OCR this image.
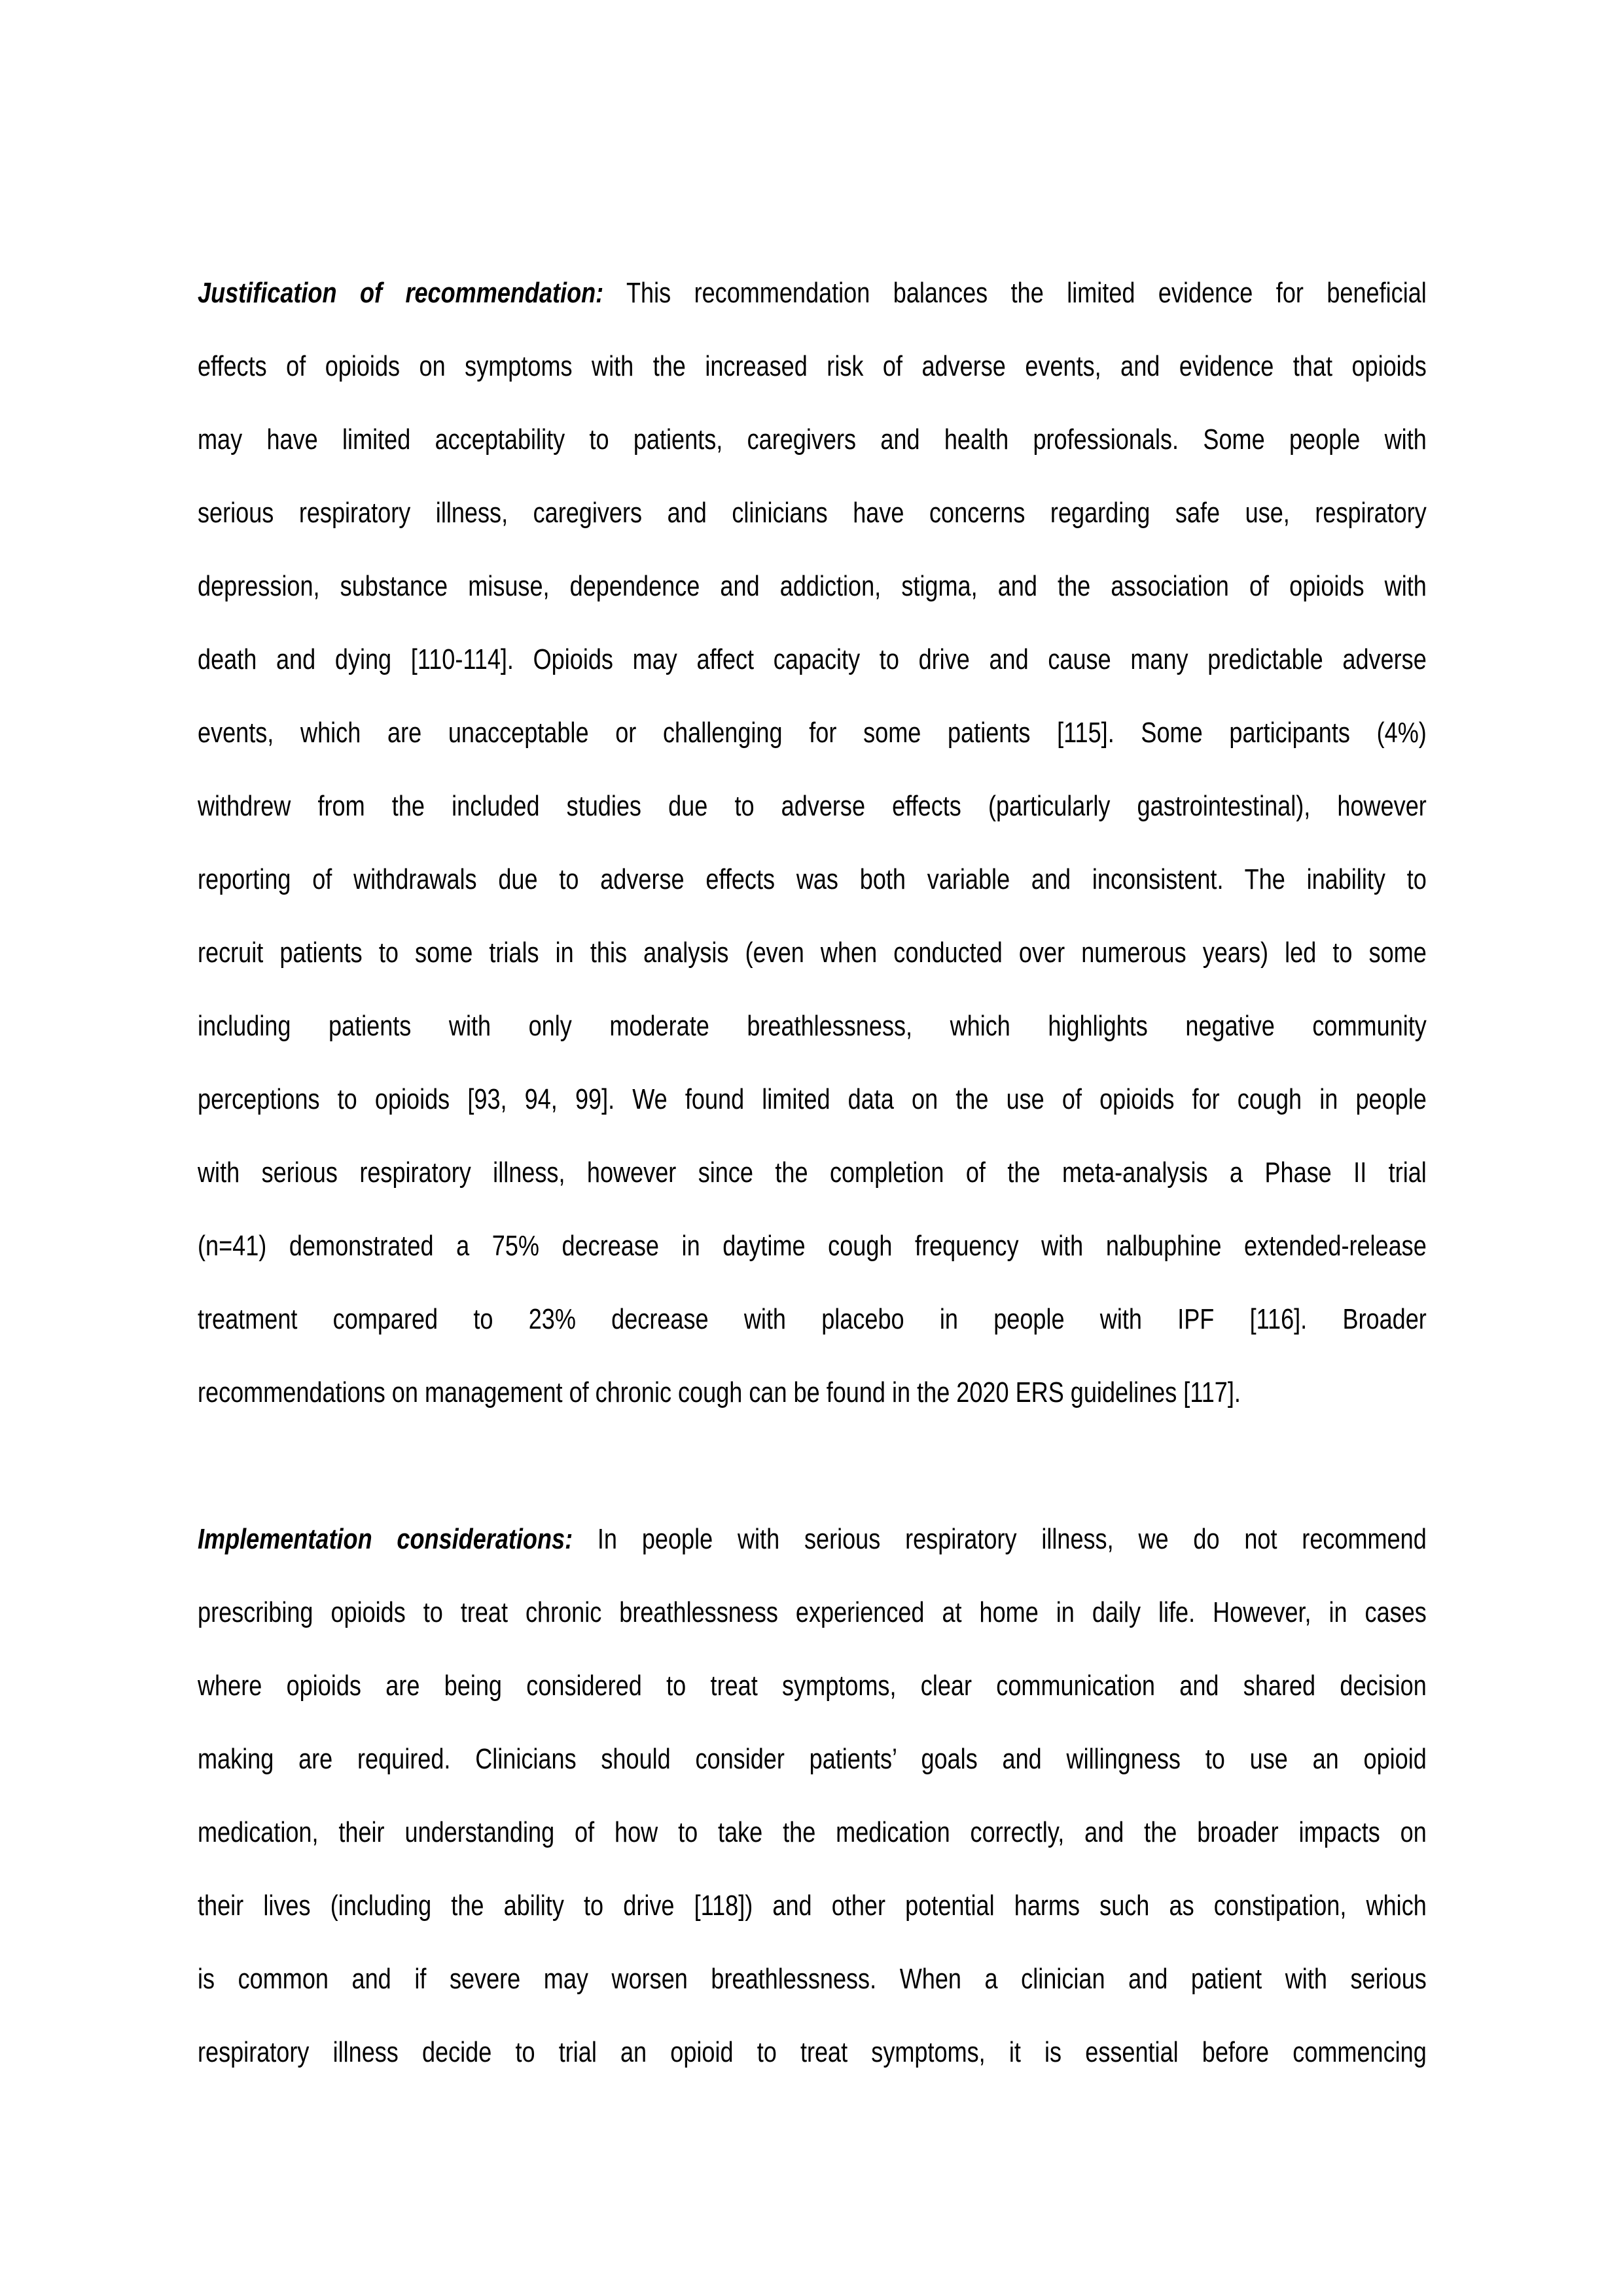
Justification of recommendation: This recommendation balances the limited evidence for beneficial
effects of opioids on symptoms with the increased risk of adverse events, and evidence that opioids
may have limited acceptability to patients, caregivers and health professionals. Some people with
serious respiratory illness, caregivers and clinicians have concerns regarding safe use, respiratory
depression, substance misuse, dependence and addiction, stigma, and the association of opioids with
death and dying [110-114]. Opioids may affect capacity to drive and cause many predictable adverse
events, which are unacceptable or challenging for some patients [115]. Some participants (4%)
withdrew from the included studies due to adverse effects (particularly gastrointestinal), however
reporting of withdrawals due to adverse effects was both variable and inconsistent. The inability to
recruit patients to some trials in this analysis (even when conducted over numerous years) led to some
including patients with only moderate breathlessness, which highlights negative community
perceptions to opioids [93, 94, 99]. We found limited data on the use of opioids for cough in people
with serious respiratory illness, however since the completion of the meta-analysis a Phase II trial
(n=41) demonstrated a 75% decrease in daytime cough frequency with nalbuphine extended-release
treatment compared to 23% decrease with placebo in people with IPF [116]. Broader
recommendations on management of chronic cough can be found in the 2020 ERS guidelines [117].
Implementation considerations: In people with serious respiratory illness, we do not recommend
prescribing opioids to treat chronic breathlessness experienced at home in daily life. However, in cases
where opioids are being considered to treat symptoms, clear communication and shared decision
making are required. Clinicians should consider patients’ goals and willingness to use an opioid
medication, their understanding of how to take the medication correctly, and the broader impacts on
their lives (including the ability to drive [118]) and other potential harms such as constipation, which
is common and if severe may worsen breathlessness. When a clinician and patient with serious
respiratory illness decide to trial an opioid to treat symptoms, it is essential before commencing
